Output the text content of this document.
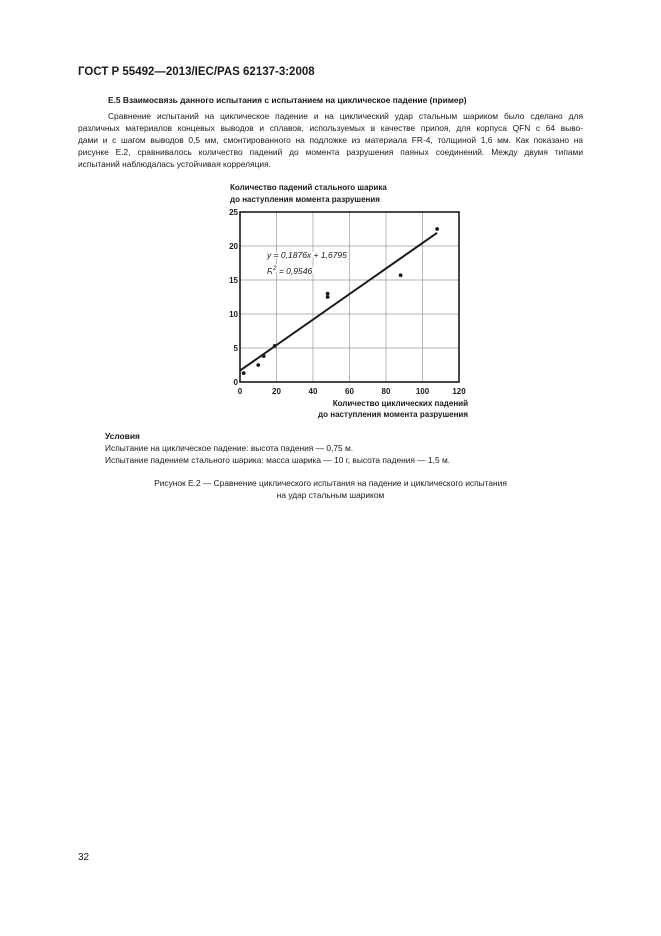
ГОСТ Р 55492—2013/IEC/PAS 62137-3:2008
Е.5 Взаимосвязь данного испытания с испытанием на циклическое падение (пример)
Сравнение испытаний на циклическое падение и на циклический удар стальным шариком было сделано для
различных материалов концевых выводов и сплавов, используемых в качестве припоя, для корпуса QFN с 64 выво-
дами и с шагом выводов 0,5 мм, смонтированного на подложке из материала FR-4, толщиной 1,6 мм. Как показано на
рисунке Е.2, сравнивалось количество падений до момента разрушения паяных соединений. Между двумя типами
испытаний наблюдалась устойчивая корреляция.
Количество падений стального шарика
до наступления момента разрушения
0	20	40	60	80	100	120
0
5
10
15
20
25
y = 0,1876x + 1,6795
$R^2 = 0,9546$
Количество циклических падений
до наступления момента разрушения
Условия
Испытание на циклическое падение: высота падения — 0,75 м.
Испытание падением стального шарика: масса шарика — 10 г, высота падения — 1,5 м.
Рисунок Е.2 — Сравнение циклического испытания на падение и циклического испытания
на удар стальным шариком
32
